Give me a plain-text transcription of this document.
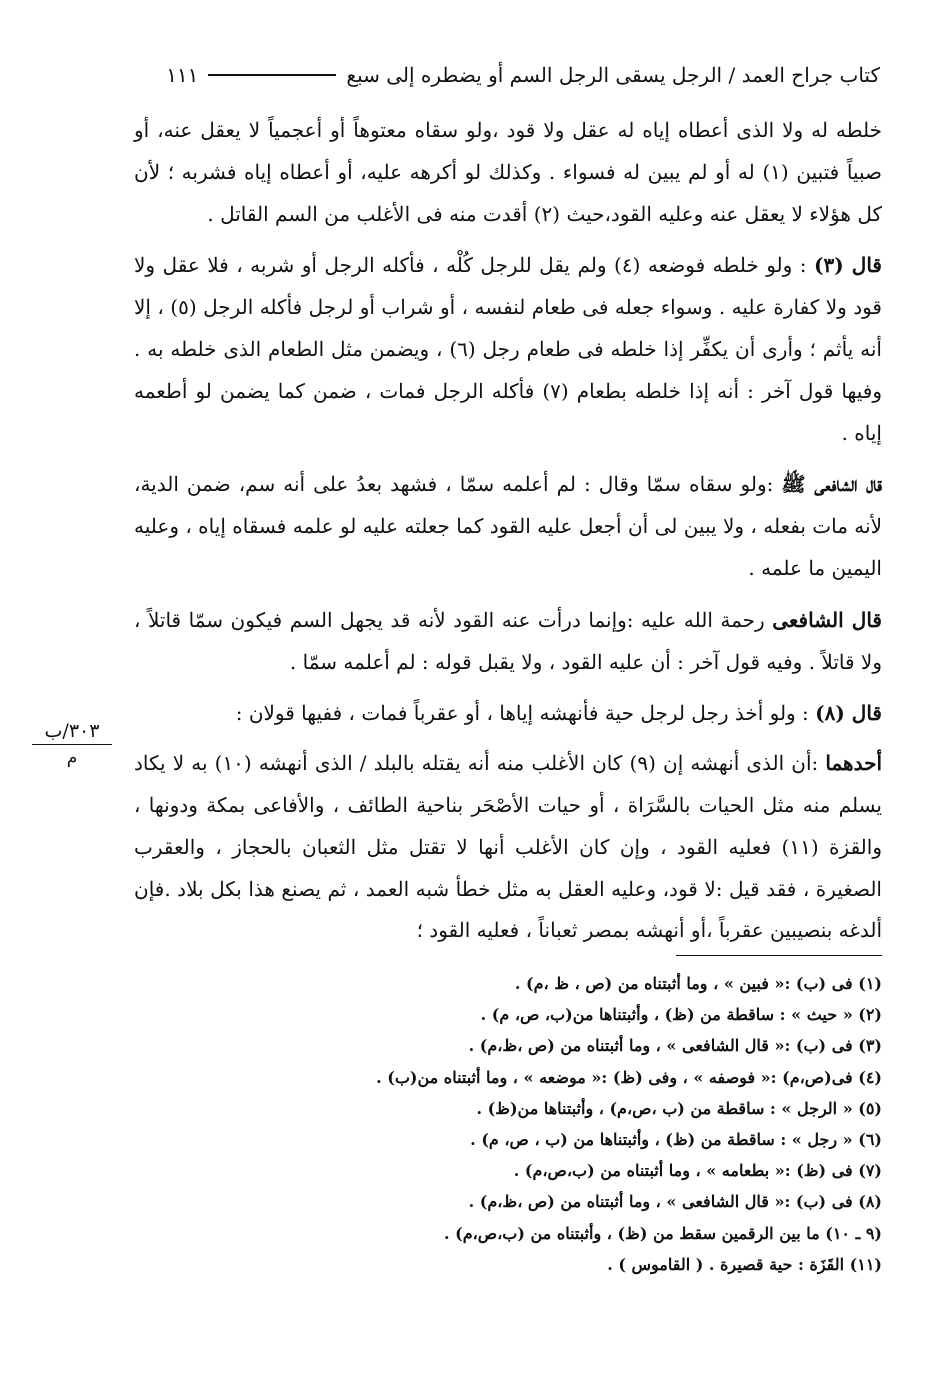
كتاب جراح العمد / الرجل يسقى الرجل السم أو يضطره إلى سبع
١١١
٣٠٣/ب
م

خلطه له ولا الذى أعطاه إياه له عقل ولا قود ،ولو سقاه معتوهاً أو أعجمياً لا يعقل عنه، أو صبياً فتبين (١) له أو لم يبين له فسواء . وكذلك لو أكرهه عليه، أو أعطاه إياه فشربه ؛ لأن كل هؤلاء لا يعقل عنه وعليه القود،حيث (٢) أقدت منه فى الأغلب من السم القاتل .

قال (٣) : ولو خلطه فوضعه (٤) ولم يقل للرجل كُلْه ، فأكله الرجل أو شربه ، فلا عقل ولا قود ولا كفارة عليه . وسواء جعله فى طعام لنفسه ، أو شراب أو لرجل فأكله الرجل (٥) ، إلا أنه يأثم ؛ وأرى أن يكفِّر إذا خلطه فى طعام رجل (٦) ، ويضمن مثل الطعام الذى خلطه به . وفيها قول آخر : أنه إذا خلطه بطعام (٧) فأكله الرجل فمات ، ضمن كما يضمن لو أطعمه إياه .

قال الشافعى ﷺ :ولو سقاه سمّا وقال : لم أعلمه سمّا ، فشهد بعدُ على أنه سم، ضمن الدية، لأنه مات بفعله ، ولا يبين لى أن أجعل عليه القود كما جعلته عليه لو علمه فسقاه إياه ، وعليه اليمين ما علمه .

قال الشافعى رحمة الله عليه :وإنما درأت عنه القود لأنه قد يجهل السم فيكون سمّا قاتلاً ، ولا قاتلاً . وفيه قول آخر : أن عليه القود ، ولا يقبل قوله : لم أعلمه سمّا .

قال (٨) : ولو أخذ رجل لرجل حية فأنهشه إياها ، أو عقرباً فمات ، ففيها قولان :

أحدهما :أن الذى أنهشه إن (٩) كان الأغلب منه أنه يقتله بالبلد / الذى أنهشه (١٠) به لا يكاد يسلم منه مثل الحيات بالسَّرَاة ، أو حيات الأصْحَر بناحية الطائف ، والأفاعى بمكة ودونها ، والقزة (١١) فعليه القود ، وإن كان الأغلب أنها لا تقتل مثل الثعبان بالحجاز ، والعقرب الصغيرة ، فقد قيل :لا قود، وعليه العقل به مثل خطأ شبه العمد ، ثم يصنع هذا بكل بلاد .فإن ألدغه بنصيبين عقرباً ،أو أنهشه بمصر ثعباناً ، فعليه القود ؛

(١) فى (ب) :« فبين » ، وما أثبتناه من (ص ، ظ ،م) .
(٢) « حيث » : ساقطة من (ظ) ، وأثبتناها من(ب، ص، م) .
(٣) فى (ب) :« قال الشافعى » ، وما أثبتناه من (ص ،ظ،م) .
(٤) فى(ص،م) :« فوصفه » ، وفى (ظ) :« موضعه » ، وما أثبتناه من(ب) .
(٥) « الرجل » : ساقطة من (ب ،ص،م) ، وأثبتناها من(ظ) .
(٦) « رجل » : ساقطة من (ظ) ، وأثبتناها من (ب ، ص، م) .
(٧) فى (ظ) :« بطعامه » ، وما أثبتناه من (ب،ص،م) .
(٨) فى (ب) :« قال الشافعى » ، وما أثبتناه من (ص ،ظ،م) .
(٩ ـ ١٠) ما بين الرقمين سقط من (ظ) ، وأثبتناه من (ب،ص،م) .
(١١) القَزَة : حية قصيرة . ( القاموس ) .
